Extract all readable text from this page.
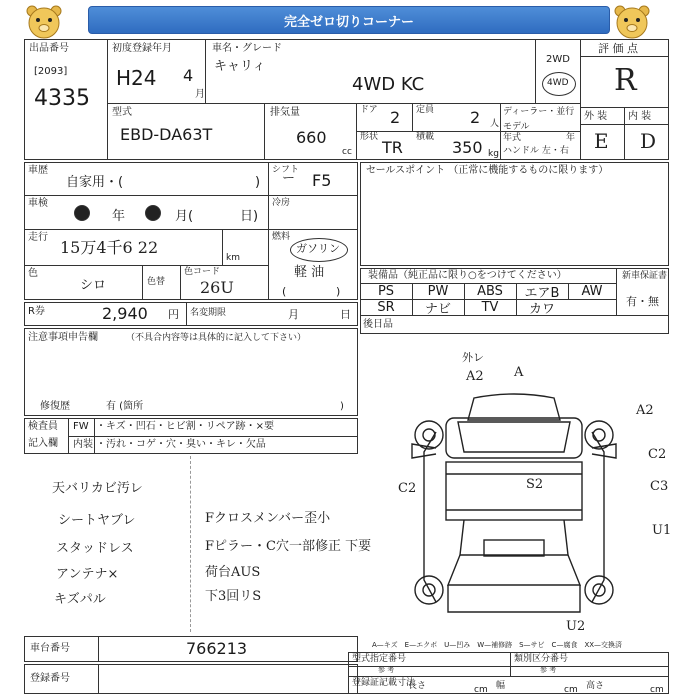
完全ゼロ切りコーナー
出品番号
[2093]
4335
初度登録年月
H24 4
月
車名・グレード
キャリィ
4WD KC
2WD
4WD
評 価 点
R
外 装 内 装
E D
型式
EBD-DA63T
排気量
660
cc
ドア 2 定員 2 人
ディーラー・並行
モデル
年式	年
形状
TR
積載
350 kg ハンドル 左・右
車歴
自家用・(	)
シフト
F5
ー
車検
年	月(	日)
冷房
走行
15万4千6 22
km
燃料
ガソリン
軽 油
(	)
色
シロ	色替
色コード
26U
R券	2,940 円 名変期限	月	日
注意事項申告欄	（不具合内容等は具体的に記入して下さい）
修復歴	有 (箇所	)
検査員
記入欄
FW ・キズ・凹石・ヒビ割・リペア跡・×要
内装 ・汚れ・コゲ・穴・臭い・キレ・欠品
天バリカビ汚レ
シートヤブレ
スタッドレス
アンテナ×
キズパル
Fクロスメンバー歪小
Fピラー・C穴一部修正 下要
荷台AUS
下3回リS
セールスポイント （正常に機能するものに限ります）
装備品（純正品に限り○をつけてください）	新車保証書
有・無
PS	PW	ABS	エアB	AW
SR	ナビ	TV	カワ
後日品
外レ
A2 A
A2
C2
C2
C3
U1
S2
U2
A—キズ　E—エクボ　U—凹み　W—補修跡　S—サビ　C—腐食　XX—交換済
車台番号	766213
登録番号
型式指定番号	類別区分番号
参 考	参 考
登録証記載寸法
長さ	cm 幅	cm 高さ	cm
